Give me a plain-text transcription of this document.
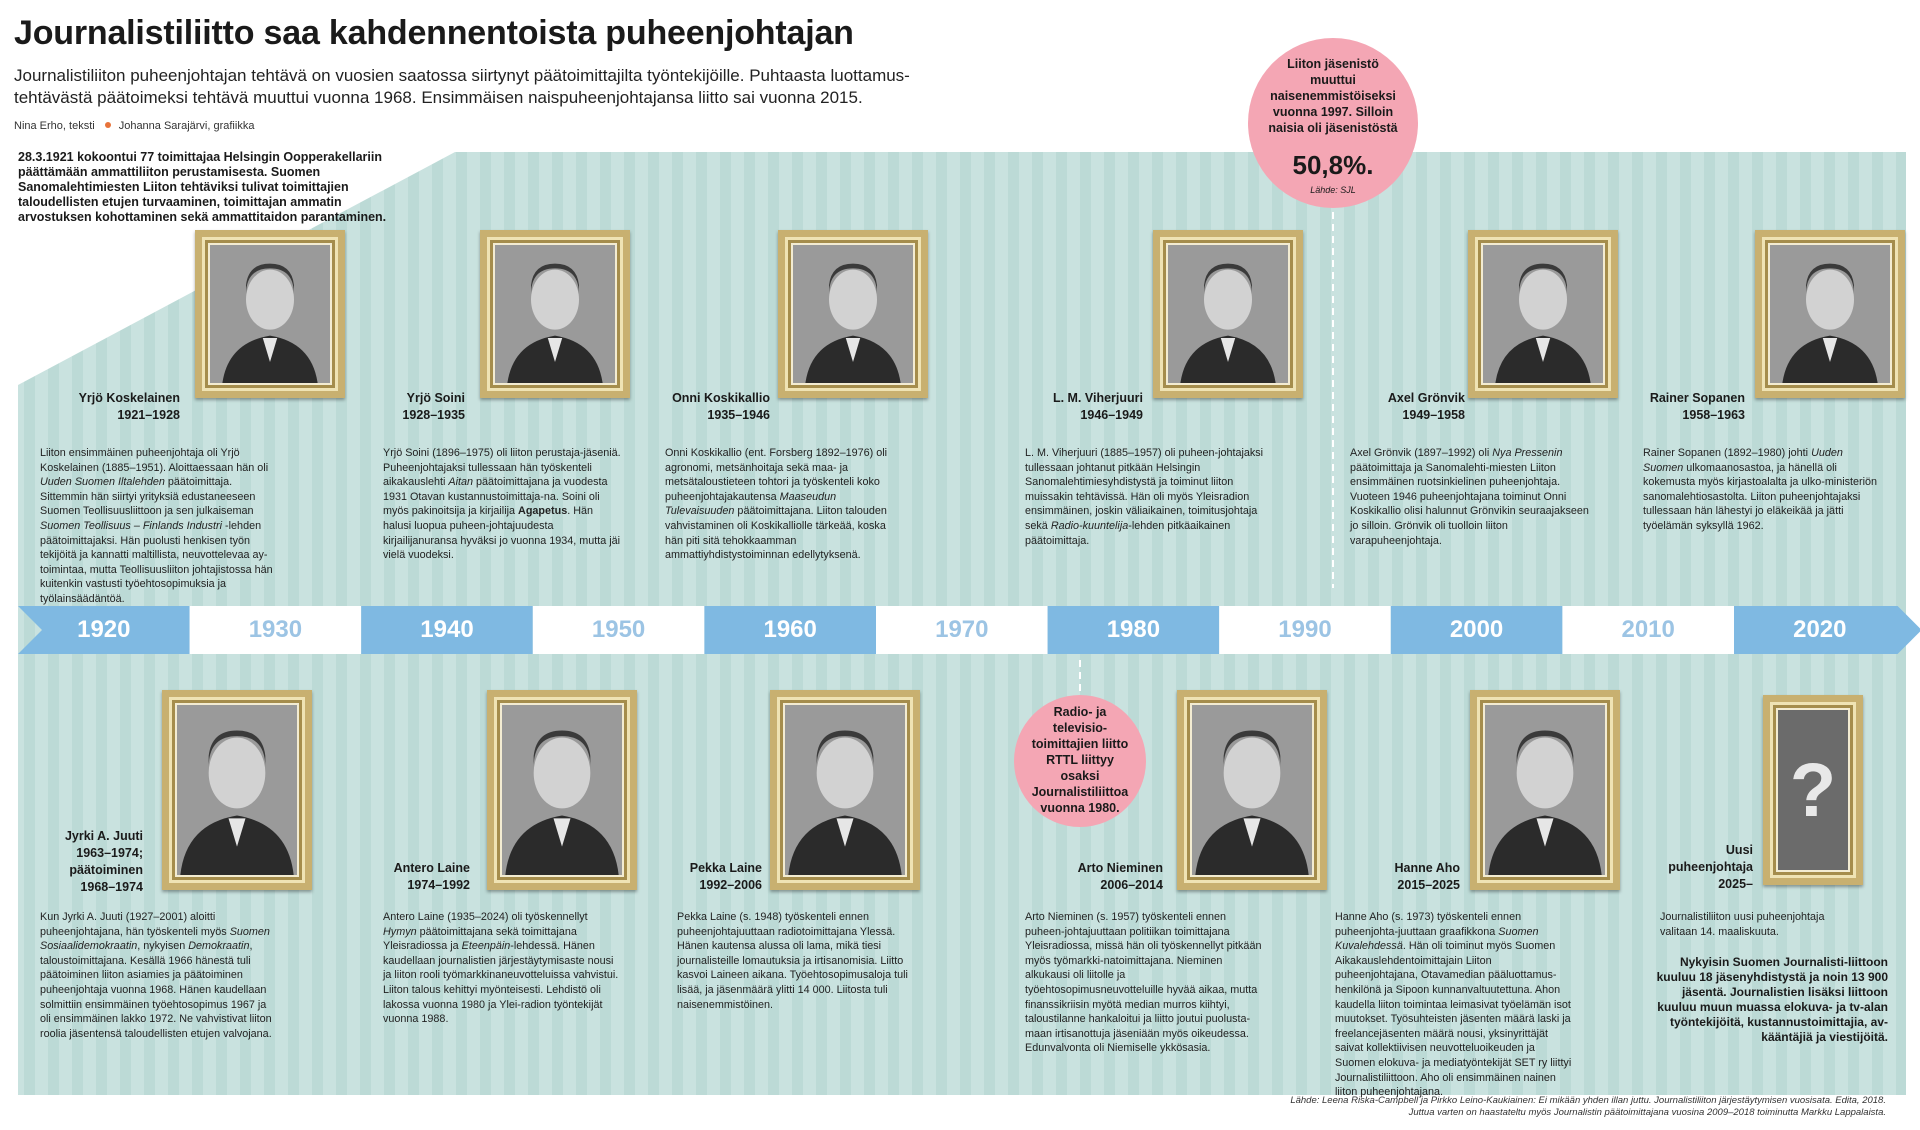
Journalistiliitto saa kahdennentoista puheenjohtajan
Journalistiliiton puheenjohtajan tehtävä on vuosien saatossa siirtynyt päätoimittajilta työntekijöille. Puhtaasta luottamus-
tehtävästä päätoimeksi tehtävä muuttui vuonna 1968. Ensimmäisen naispuheenjohtajansa liitto sai vuonna 2015.
Nina Erho, teksti Johanna Sarajärvi, grafiikka
28.3.1921 kokoontui 77 toimittajaa Helsingin Oopperakellariin päättämään ammattiliiton perustamisesta. Suomen Sanomalehtimiesten Liiton tehtäviksi tulivat toimittajien taloudellisten etujen turvaaminen, toimittajan ammatin arvostuksen kohottaminen sekä ammattitaidon parantaminen.
1920	1930	1940	1950	1960	1970	1980	1990	2000	2010	2020
Yrjö Koskelainen
1921–1928
Liiton ensimmäinen puheenjohtaja oli Yrjö Koskelainen (1885–1951). Aloittaessaan hän oli Uuden Suomen Iltalehden päätoimittaja. Sittemmin hän siirtyi yrityksiä edustaneeseen Suomen Teollisuusliittoon ja sen julkaiseman Suomen Teollisuus – Finlands Industri -lehden päätoimittajaksi. Hän puolusti henkisen työn tekijöitä ja kannatti maltillista, neuvottelevaa ay-toimintaa, mutta Teollisuusliiton johtajistossa hän kuitenkin vastusti työehtosopimuksia ja työlainsäädäntöä.
Yrjö Soini
1928–1935
Yrjö Soini (1896–1975) oli liiton perustaja-jäseniä. Puheenjohtajaksi tullessaan hän työskenteli aikakauslehti Aitan päätoimittajana ja vuodesta 1931 Otavan kustannustoimittaja-na. Soini oli myös pakinoitsija ja kirjailija Agapetus. Hän halusi luopua puheen-johtajuudesta kirjailijanuransa hyväksi jo vuonna 1934, mutta jäi vielä vuodeksi.
Onni Koskikallio
1935–1946
Onni Koskikallio (ent. Forsberg 1892–1976) oli agronomi, metsänhoitaja sekä maa- ja metsätaloustieteen tohtori ja työskenteli koko puheenjohtajakautensa Maaseudun Tulevaisuuden päätoimittajana. Liiton talouden vahvistaminen oli Koskikalliolle tärkeää, koska hän piti sitä tehokkaamman ammattiyhdistystoiminnan edellytyksenä.
L. M. Viherjuuri
1946–1949
L. M. Viherjuuri (1885–1957) oli puheen-johtajaksi tullessaan johtanut pitkään Helsingin Sanomalehtimiesyhdistystä ja toiminut liiton muissakin tehtävissä. Hän oli myös Yleisradion ensimmäinen, joskin väliaikainen, toimitusjohtaja sekä Radio-kuuntelija-lehden pitkäaikainen päätoimittaja.
Axel Grönvik
1949–1958
Axel Grönvik (1897–1992) oli Nya Pressenin päätoimittaja ja Sanomalehti-miesten Liiton ensimmäinen ruotsinkielinen puheenjohtaja. Vuoteen 1946 puheenjohtajana toiminut Onni Koskikallio olisi halunnut Grönvikin seuraajakseen jo silloin. Grönvik oli tuolloin liiton varapuheenjohtaja.
Rainer Sopanen
1958–1963
Rainer Sopanen (1892–1980) johti Uuden Suomen ulkomaanosastoa, ja hänellä oli kokemusta myös kirjastoalalta ja ulko-ministeriön sanomalehtiosastolta. Liiton puheenjohtajaksi tullessaan hän lähestyi jo eläkeikää ja jätti työelämän syksyllä 1962.
Jyrki A. Juuti
1963–1974;
päätoiminen
1968–1974
Kun Jyrki A. Juuti (1927–2001) aloitti puheenjohtajana, hän työskenteli myös Suomen Sosiaalidemokraatin, nykyisen Demokraatin, taloustoimittajana. Kesällä 1966 hänestä tuli päätoiminen liiton asiamies ja päätoiminen puheenjohtaja vuonna 1968. Hänen kaudellaan solmittiin ensimmäinen työehtosopimus 1967 ja oli ensimmäinen lakko 1972. Ne vahvistivat liiton roolia jäsentensä taloudellisten etujen valvojana.
Antero Laine
1974–1992
Antero Laine (1935–2024) oli työskennellyt Hymyn päätoimittajana sekä toimittajana Yleisradiossa ja Eteenpäin-lehdessä. Hänen kaudellaan journalistien järjestäytymisaste nousi ja liiton rooli työmarkkinaneuvotteluissa vahvistui. Liiton talous kehittyi myönteisesti. Lehdistö oli lakossa vuonna 1980 ja Ylei-radion työntekijät vuonna 1988.
Pekka Laine
1992–2006
Pekka Laine (s. 1948) työskenteli ennen puheenjohtajuuttaan radiotoimittajana Ylessä. Hänen kautensa alussa oli lama, mikä tiesi journalisteille lomautuksia ja irtisanomisia. Liitto kasvoi Laineen aikana. Työehtosopimusaloja tuli lisää, ja jäsenmäärä ylitti 14 000. Liitosta tuli naisenemmistöinen.
Arto Nieminen
2006–2014
Arto Nieminen (s. 1957) työskenteli ennen puheen-johtajuuttaan politiikan toimittajana Yleisradiossa, missä hän oli työskennellyt pitkään myös työmarkki-natoimittajana. Nieminen alkukausi oli liitolle ja työehtosopimusneuvotteluille hyvää aikaa, mutta finanssikriisin myötä median murros kiihtyi, taloustilanne hankaloitui ja liitto joutui puolusta-maan irtisanottuja jäseniään myös oikeudessa. Edunvalvonta oli Niemiselle ykkösasia.
Hanne Aho
2015–2025
Hanne Aho (s. 1973) työskenteli ennen puheenjohta-juuttaan graafikkona Suomen Kuvalehdessä. Hän oli toiminut myös Suomen Aikakauslehdentoimittajain Liiton puheenjohtajana, Otavamedian pääluottamus-henkilönä ja Sipoon kunnanvaltuutettuna. Ahon kaudella liiton toimintaa leimasivat työelämän isot muutokset. Työsuhteisten jäsenten määrä laski ja freelancejäsenten määrä nousi, yksinyrittäjät saivat kollektiivisen neuvotteluoikeuden ja Suomen elokuva- ja mediatyöntekijät SET ry liittyi Journalistiliittoon. Aho oli ensimmäinen nainen liiton puheenjohtajana.
Liiton jäsenistö muuttui naisenemmistöiseksi vuonna 1997. Silloin naisia oli jäsenistöstä
50,8%.
Lähde: SJL
Radio- ja televisio-toimittajien liitto RTTL liittyy osaksi Journalistiliittoa vuonna 1980.	?
Uusi
puheenjohtaja
2025–
Journalistiliiton uusi puheenjohtaja valitaan 14. maaliskuuta.
Nykyisin Suomen Journalisti-liittoon kuuluu 18 jäsenyhdistystä ja noin 13 900 jäsentä. Journalistien lisäksi liittoon kuuluu muun muassa elokuva- ja tv-alan työntekijöitä, kustannustoimittajia, av-kääntäjiä ja viestijöitä.
Lähde: Leena Riska-Campbell ja Pirkko Leino-Kaukiainen: Ei mikään yhden illan juttu. Journalistiliiton järjestäytymisen vuosisata. Edita, 2018.
Juttua varten on haastateltu myös Journalistin päätoimittajana vuosina 2009–2018 toiminutta Markku Lappalaista.
